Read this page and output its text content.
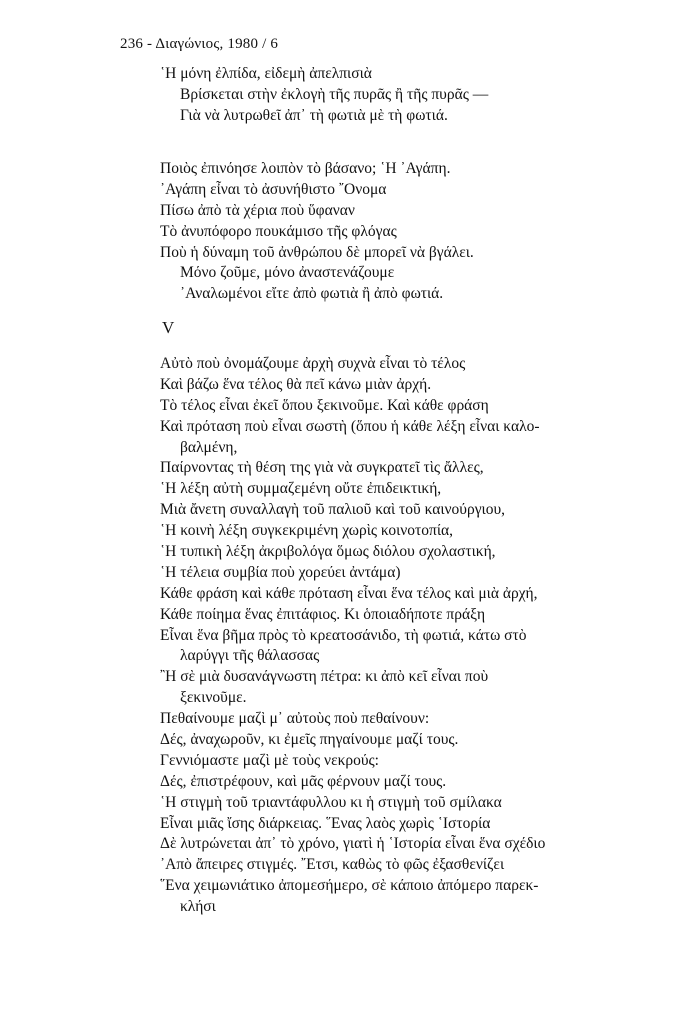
236 - Διαγώνιος, 1980 / 6
῾Η μόνη ἐλπίδα, εἰδεμὴ ἀπελπισιὰ
Βρίσκεται στὴν ἐκλογὴ τῆς πυρᾶς ἢ τῆς πυρᾶς —
Γιὰ νὰ λυτρωθεῖ ἀπ᾽ τὴ φωτιὰ μὲ τὴ φωτιά.
Ποιὸς ἐπινόησε λοιπὸν τὸ βάσανο; ῾Η ᾿Αγάπη.
᾿Αγάπη εἶναι τὸ ἀσυνήθιστο ῎Ονομα
Πίσω ἀπὸ τὰ χέρια ποὺ ὕφαναν
Τὸ ἀνυπόφορο πουκάμισο τῆς φλόγας
Ποὺ ἡ δύναμη τοῦ ἀνθρώπου δὲ μπορεῖ νὰ βγάλει.
Μόνο ζοῦμε, μόνο ἀναστενάζουμε
᾿Αναλωμένοι εἴτε ἀπὸ φωτιὰ ἢ ἀπὸ φωτιά.
V
Αὐτὸ ποὺ ὀνομάζουμε ἀρχὴ συχνὰ εἶναι τὸ τέλος
Καὶ βάζω ἕνα τέλος θὰ πεῖ κάνω μιὰν ἀρχή.
Τὸ τέλος εἶναι ἐκεῖ ὅπου ξεκινοῦμε. Καὶ κάθε φράση
Καὶ πρόταση ποὺ εἶναι σωστὴ (ὅπου ἡ κάθε λέξη εἶναι καλο-
βαλμένη,
Παίρνοντας τὴ θέση της γιὰ νὰ συγκρατεῖ τὶς ἄλλες,
῾Η λέξη αὐτὴ συμμαζεμένη οὔτε ἐπιδεικτική,
Μιὰ ἄνετη συναλλαγὴ τοῦ παλιοῦ καὶ τοῦ καινούργιου,
῾Η κοινὴ λέξη συγκεκριμένη χωρὶς κοινοτοπία,
῾Η τυπικὴ λέξη ἀκριβολόγα ὅμως διόλου σχολαστική,
῾Η τέλεια συμβία ποὺ χορεύει ἀντάμα)
Κάθε φράση καὶ κάθε πρόταση εἶναι ἕνα τέλος καὶ μιὰ ἀρχή,
Κάθε ποίημα ἕνας ἐπιτάφιος. Κι ὁποιαδήποτε πράξη
Εἶναι ἕνα βῆμα πρὸς τὸ κρεατοσάνιδο, τὴ φωτιά, κάτω στὸ
λαρύγγι τῆς θάλασσας
῍Η σὲ μιὰ δυσανάγνωστη πέτρα: κι ἀπὸ κεῖ εἶναι ποὺ
ξεκινοῦμε.
Πεθαίνουμε μαζὶ μ᾽ αὐτοὺς ποὺ πεθαίνουν:
Δές, ἀναχωροῦν, κι ἐμεῖς πηγαίνουμε μαζί τους.
Γεννιόμαστε μαζὶ μὲ τοὺς νεκρούς:
Δές, ἐπιστρέφουν, καὶ μᾶς φέρνουν μαζί τους.
῾Η στιγμὴ τοῦ τριαντάφυλλου κι ἡ στιγμὴ τοῦ σμίλακα
Εἶναι μιᾶς ἴσης διάρκειας. ῞Ενας λαὸς χωρὶς ῾Ιστορία
Δὲ λυτρώνεται ἀπ᾽ τὸ χρόνο, γιατὶ ἡ ῾Ιστορία εἶναι ἕνα σχέδιο
᾿Απὸ ἄπειρες στιγμές. ῎Ετσι, καθὼς τὸ φῶς ἐξασθενίζει
῞Ενα χειμωνιάτικο ἀπομεσήμερο, σὲ κάποιο ἀπόμερο παρεκ-
κλήσι
